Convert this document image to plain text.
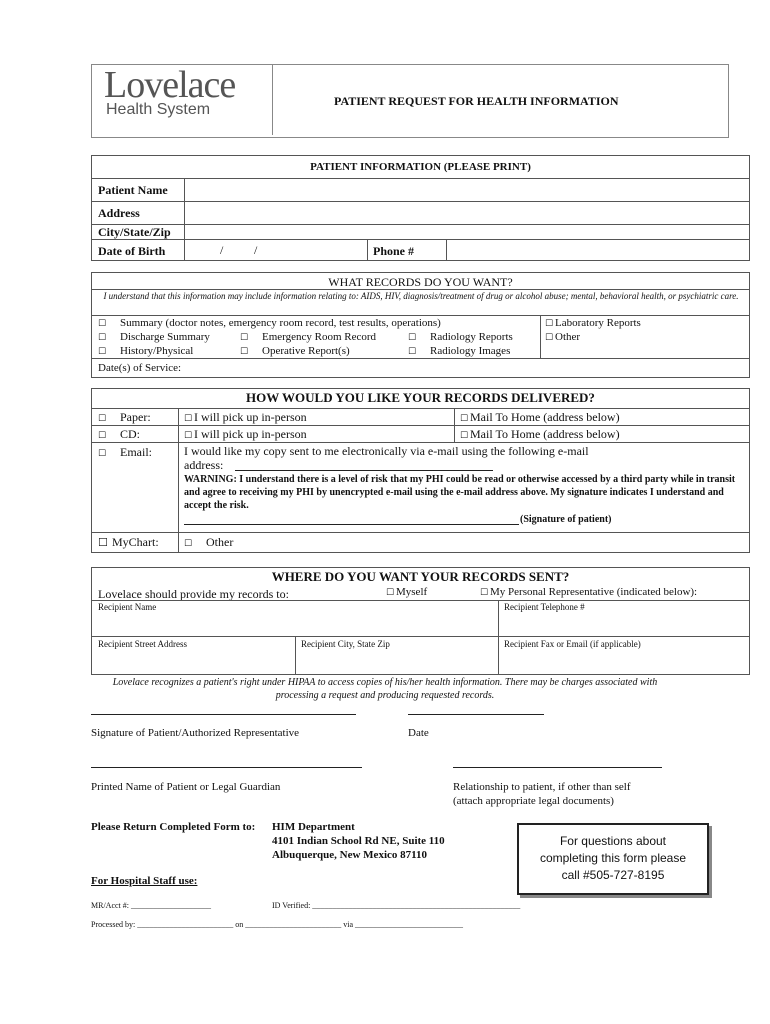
Lovelace
Health System	PATIENT REQUEST FOR HEALTH INFORMATION
PATIENT INFORMATION (PLEASE PRINT)
Patient Name
Address
City/State/Zip
Date of Birth	/	/	Phone #
WHAT RECORDS DO YOU WANT?
I understand that this information may include information relating to: AIDS, HIV, diagnosis/treatment of drug or alcohol abuse; mental, behavioral health, or psychiatric care.
☐ Summary (doctor notes, emergency room record, test results, operations)	☐ Laboratory Reports
☐ Discharge Summary	☐ Emergency Room Record	☐ Radiology Reports	☐ Other
☐ History/Physical	☐ Operative Report(s)	☐ Radiology Images
Date(s) of Service:
HOW WOULD YOU LIKE YOUR RECORDS DELIVERED?
☐ Paper:	☐ I will pick up in-person	☐ Mail To Home (address below)
☐ CD:	☐ I will pick up in-person	☐ Mail To Home (address below)
☐ Email:	I would like my copy sent to me electronically via e-mail using the following e-mail
address:
WARNING: I understand there is a level of risk that my PHI could be read or otherwise accessed by a third party while in transit and agree to receiving my PHI by unencrypted e-mail using the e-mail address above. My signature indicates I understand and accept the risk.
(Signature of patient)
☐ MyChart:	☐ Other
WHERE DO YOU WANT YOUR RECORDS SENT?
Lovelace should provide my records to:	☐ Myself	☐ My Personal Representative (indicated below):
Recipient Name	Recipient Telephone #
Recipient Street Address	Recipient City, State Zip	Recipient Fax or Email (if applicable)
Lovelace recognizes a patient's right under HIPAA to access copies of his/her health information. There may be charges associated with processing a request and producing requested records.
Signature of Patient/Authorized Representative	Date
Printed Name of Patient or Legal Guardian	Relationship to patient, if other than self
(attach appropriate legal documents)
Please Return Completed Form to: HIM Department
4101 Indian School Rd NE, Suite 110
Albuquerque, New Mexico 87110
For questions about
completing this form please
call #505-727-8195
For Hospital Staff use:
MR/Acct #: ____________________	ID Verified: ____________________________________________________
Processed by: ________________________ on ________________________ via ___________________________
